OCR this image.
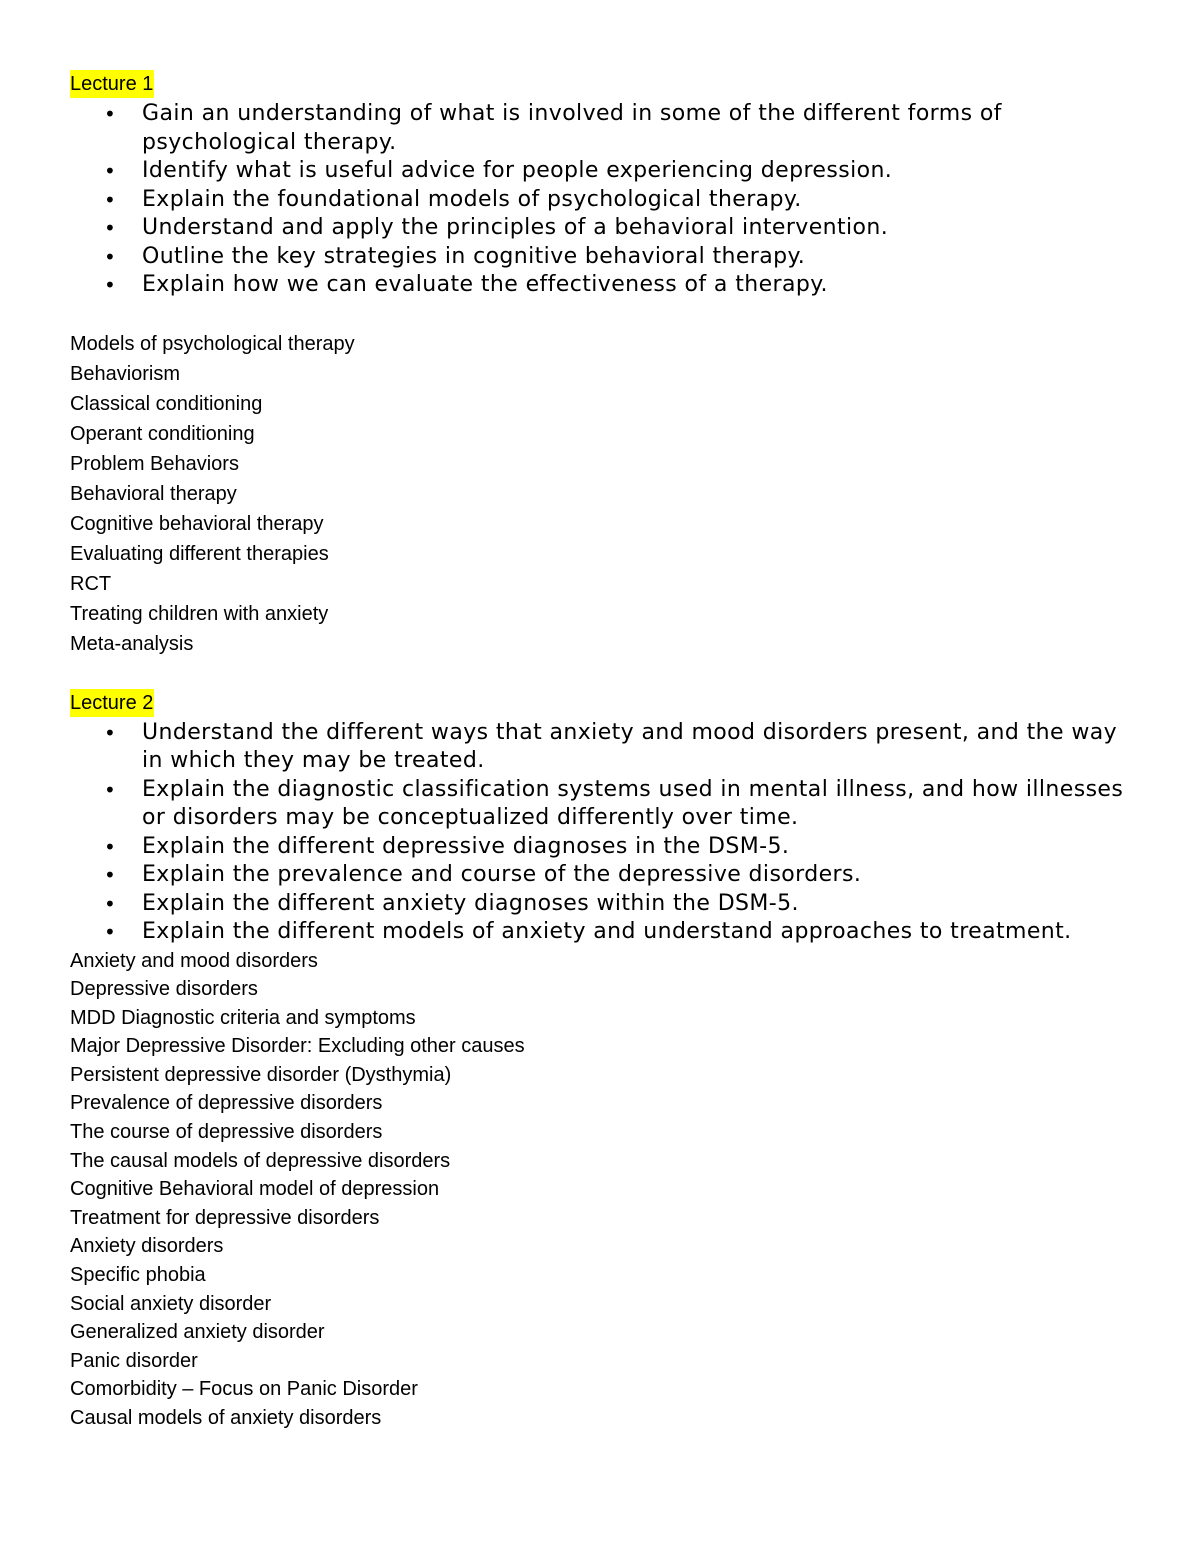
Lecture 1
• Gain an understanding of what is involved in some of the different forms of psychological therapy.
• Identify what is useful advice for people experiencing depression.
• Explain the foundational models of psychological therapy.
• Understand and apply the principles of a behavioral intervention.
• Outline the key strategies in cognitive behavioral therapy.
• Explain how we can evaluate the effectiveness of a therapy.
Models of psychological therapy
Behaviorism
Classical conditioning
Operant conditioning
Problem Behaviors
Behavioral therapy
Cognitive behavioral therapy
Evaluating different therapies
RCT
Treating children with anxiety
Meta-analysis
Lecture 2
• Understand the different ways that anxiety and mood disorders present, and the way in which they may be treated.
• Explain the diagnostic classification systems used in mental illness, and how illnesses or disorders may be conceptualized differently over time.
• Explain the different depressive diagnoses in the DSM-5.
• Explain the prevalence and course of the depressive disorders.
• Explain the different anxiety diagnoses within the DSM-5.
• Explain the different models of anxiety and understand approaches to treatment.
Anxiety and mood disorders
Depressive disorders
MDD Diagnostic criteria and symptoms
Major Depressive Disorder: Excluding other causes
Persistent depressive disorder (Dysthymia)
Prevalence of depressive disorders
The course of depressive disorders
The causal models of depressive disorders
Cognitive Behavioral model of depression
Treatment for depressive disorders
Anxiety disorders
Specific phobia
Social anxiety disorder
Generalized anxiety disorder
Panic disorder
Comorbidity – Focus on Panic Disorder
Causal models of anxiety disorders
